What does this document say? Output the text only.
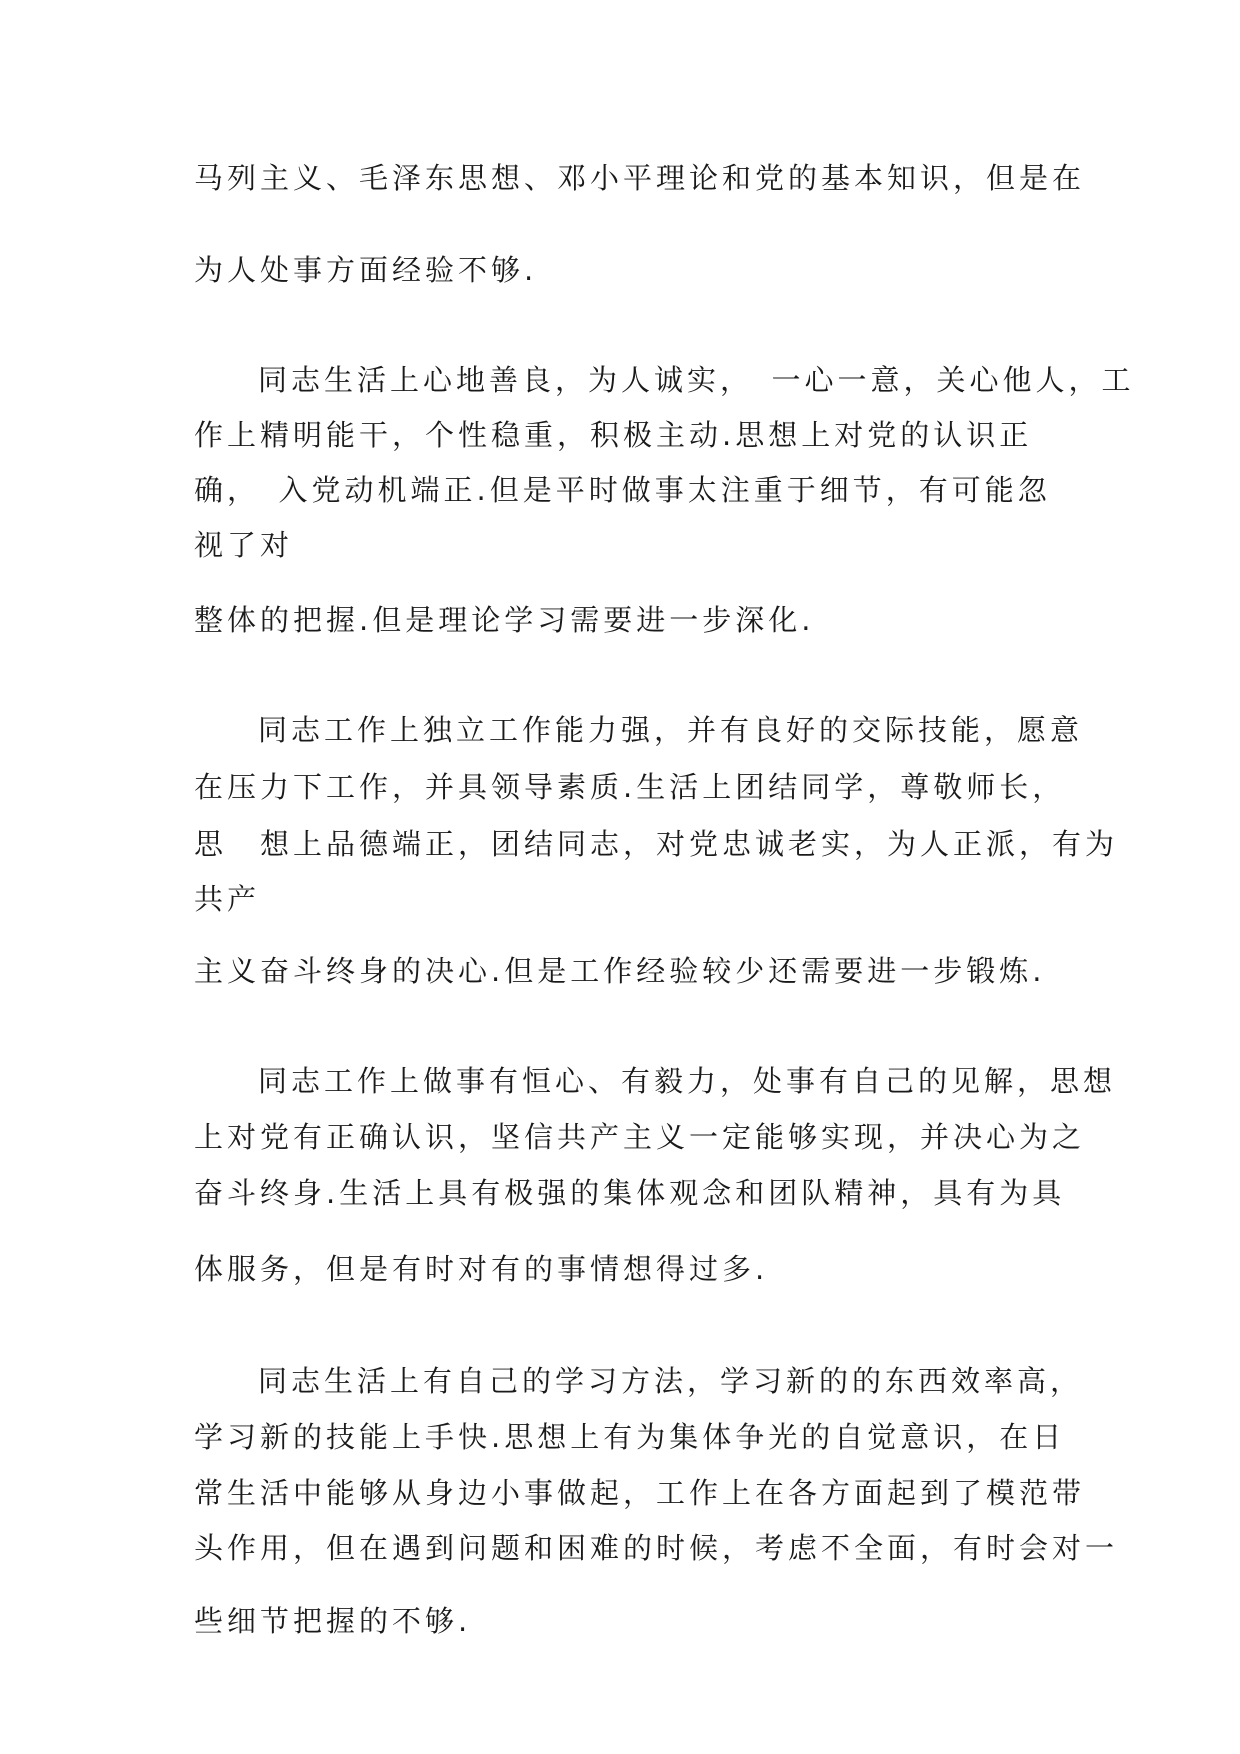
马列主义、毛泽东思想、邓小平理论和党的基本知识，但是在
为人处事方面经验不够.
同志生活上心地善良，为人诚实，　一心一意，关心他人，工
作上精明能干，个性稳重，积极主动.思想上对党的认识正
确，　入党动机端正.但是平时做事太注重于细节，有可能忽
视了对
整体的把握.但是理论学习需要进一步深化.
同志工作上独立工作能力强，并有良好的交际技能，愿意
在压力下工作，并具领导素质.生活上团结同学，尊敬师长，
思　想上品德端正，团结同志，对党忠诚老实，为人正派，有为
共产
主义奋斗终身的决心.但是工作经验较少还需要进一步锻炼.
同志工作上做事有恒心、有毅力，处事有自己的见解，思想
上对党有正确认识，坚信共产主义一定能够实现，并决心为之
奋斗终身.生活上具有极强的集体观念和团队精神，具有为具
体服务，但是有时对有的事情想得过多.
同志生活上有自己的学习方法，学习新的的东西效率高，
学习新的技能上手快.思想上有为集体争光的自觉意识，在日
常生活中能够从身边小事做起，工作上在各方面起到了模范带
头作用，但在遇到问题和困难的时候，考虑不全面，有时会对一
些细节把握的不够.
